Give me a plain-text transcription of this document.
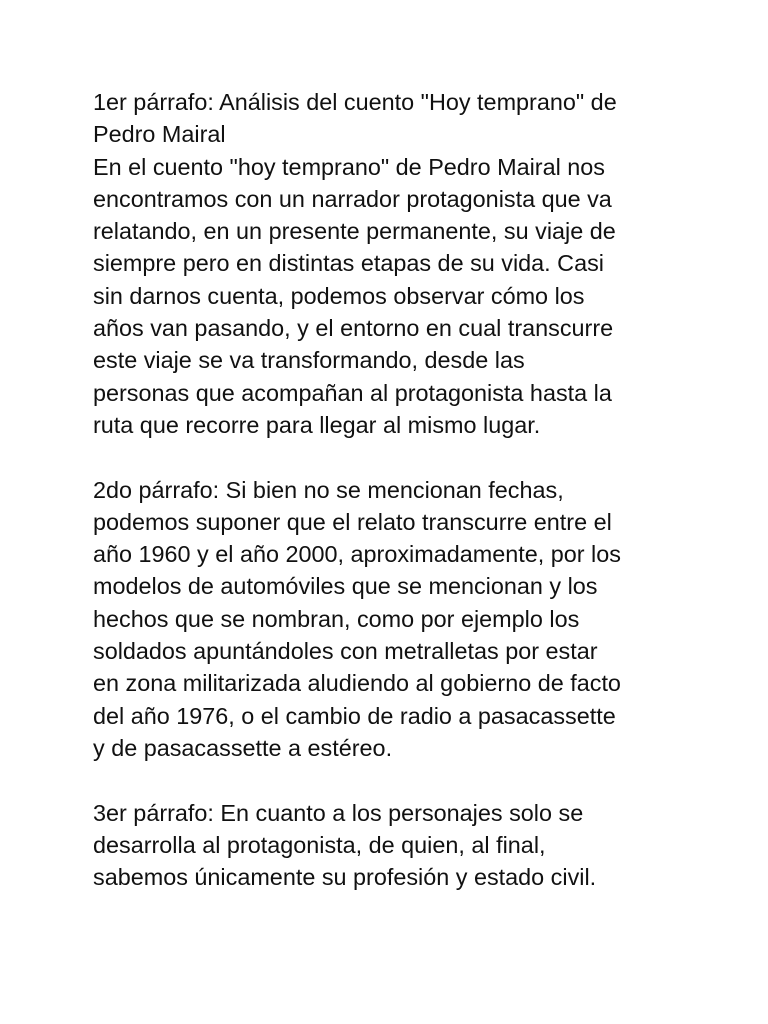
1er párrafo: Análisis del cuento "Hoy temprano" de
Pedro Mairal
En el cuento "hoy temprano" de Pedro Mairal nos
encontramos con un narrador protagonista que va
relatando, en un presente permanente, su viaje de
siempre pero en distintas etapas de su vida. Casi
sin darnos cuenta, podemos observar cómo los
años van pasando, y el entorno en cual transcurre
este viaje se va transformando, desde las
personas que acompañan al protagonista hasta la
ruta que recorre para llegar al mismo lugar.
2do párrafo: Si bien no se mencionan fechas,
podemos suponer que el relato transcurre entre el
año 1960 y el año 2000, aproximadamente, por los
modelos de automóviles que se mencionan y los
hechos que se nombran, como por ejemplo los
soldados apuntándoles con metralletas por estar
en zona militarizada aludiendo al gobierno de facto
del año 1976, o el cambio de radio a pasacassette
y de pasacassette a estéreo.
3er párrafo: En cuanto a los personajes solo se
desarrolla al protagonista, de quien, al final,
sabemos únicamente su profesión y estado civil.
